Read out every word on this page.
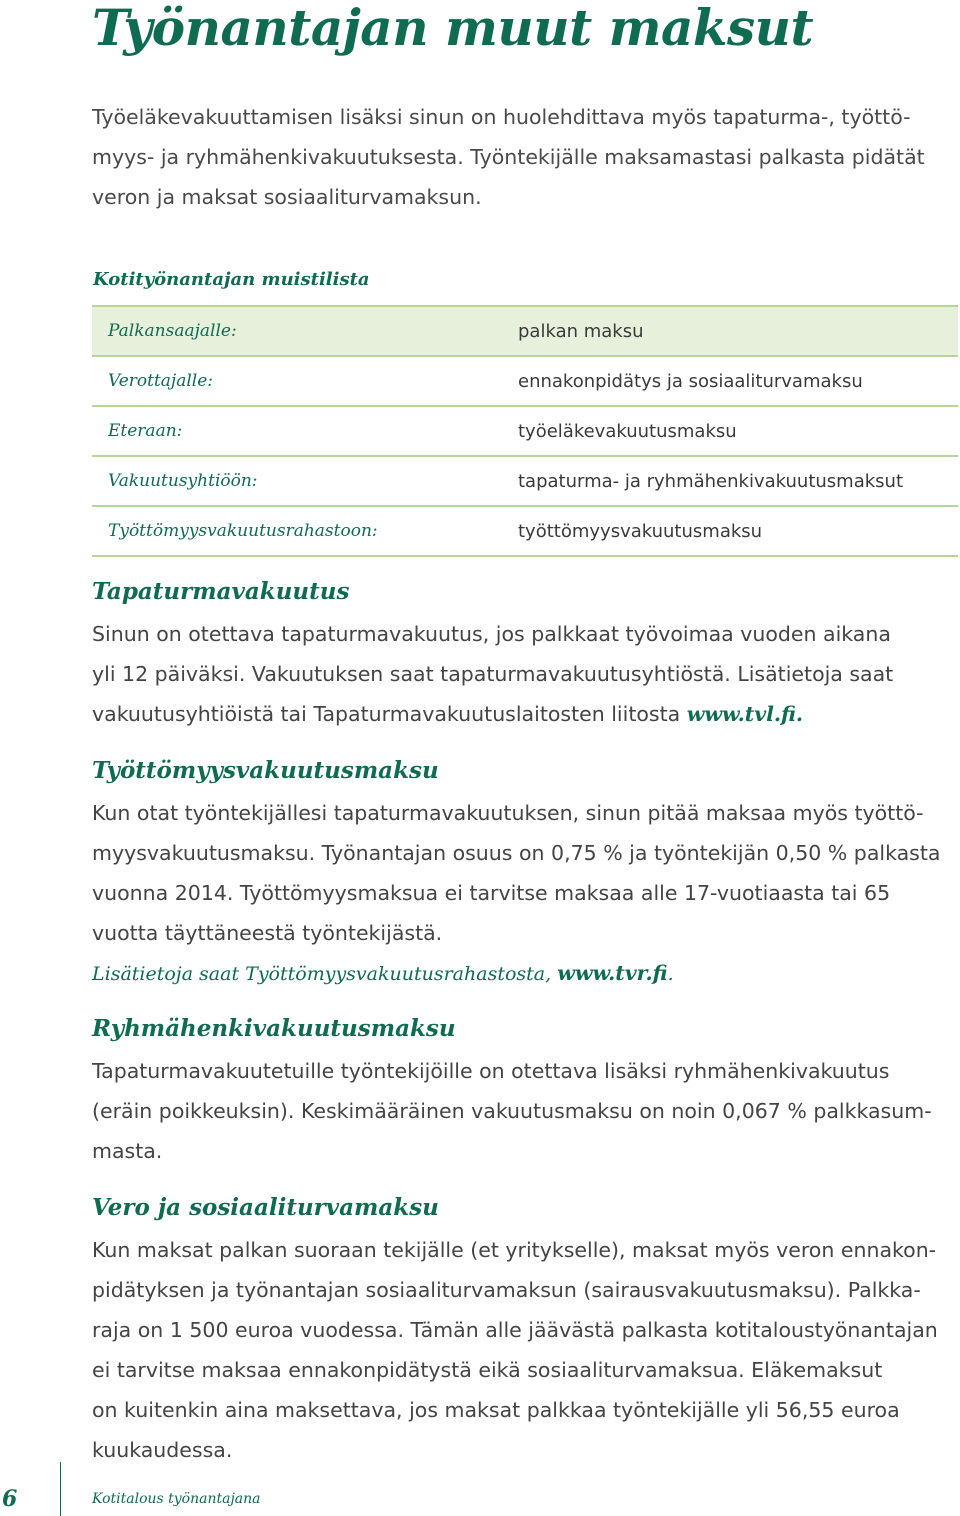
Työnantajan muut maksut

Työeläkevakuuttamisen lisäksi sinun on huolehdittava myös tapaturma-, työttö-
myys- ja ryhmähenkivakuutuksesta. Työntekijälle maksamastasi palkasta pidätät
veron ja maksat sosiaaliturvamaksun.

Kotityönantajan muistilista

Palkansaajalle:	palkan maksu
Verottajalle:	ennakonpidätys ja sosiaaliturvamaksu
Eteraan:	työeläkevakuutusmaksu
Vakuutusyhtiöön:	tapaturma- ja ryhmähenkivakuutusmaksut
Työttömyysvakuutusrahastoon:	työttömyysvakuutusmaksu
Tapaturmavakuutus

Sinun on otettava tapaturmavakuutus, jos palkkaat työvoimaa vuoden aikana
yli 12 päiväksi. Vakuutuksen saat tapaturmavakuutusyhtiöstä. Lisätietoja saat
vakuutusyhtiöistä tai Tapaturmavakuutuslaitosten liitosta www.tvl.fi.

Työttömyysvakuutusmaksu

Kun otat työntekijällesi tapaturmavakuutuksen, sinun pitää maksaa myös työttö-
myysvakuutusmaksu. Työnantajan osuus on 0,75 % ja työntekijän 0,50 % palkasta
vuonna 2014. Työttömyysmaksua ei tarvitse maksaa alle 17-vuotiaasta tai 65
vuotta täyttäneestä työntekijästä.
Lisätietoja saat Työttömyysvakuutusrahastosta, www.tvr.fi.

Ryhmähenkivakuutusmaksu

Tapaturmavakuutetuille työntekijöille on otettava lisäksi ryhmähenkivakuutus
(eräin poikkeuksin). Keskimääräinen vakuutusmaksu on noin 0,067 % palkkasum-
masta.

Vero ja sosiaaliturvamaksu

Kun maksat palkan suoraan tekijälle (et yritykselle), maksat myös veron ennakon-
pidätyksen ja työnantajan sosiaaliturvamaksun (sairausvakuutusmaksu). Palkka-
raja on 1 500 euroa vuodessa. Tämän alle jäävästä palkasta kotitaloustyönantajan
ei tarvitse maksaa ennakonpidätystä eikä sosiaaliturvamaksua. Eläkemaksut
on kuitenkin aina maksettava, jos maksat palkkaa työntekijälle yli 56,55 euroa
kuukaudessa.

6	Kotitalous työnantajana
